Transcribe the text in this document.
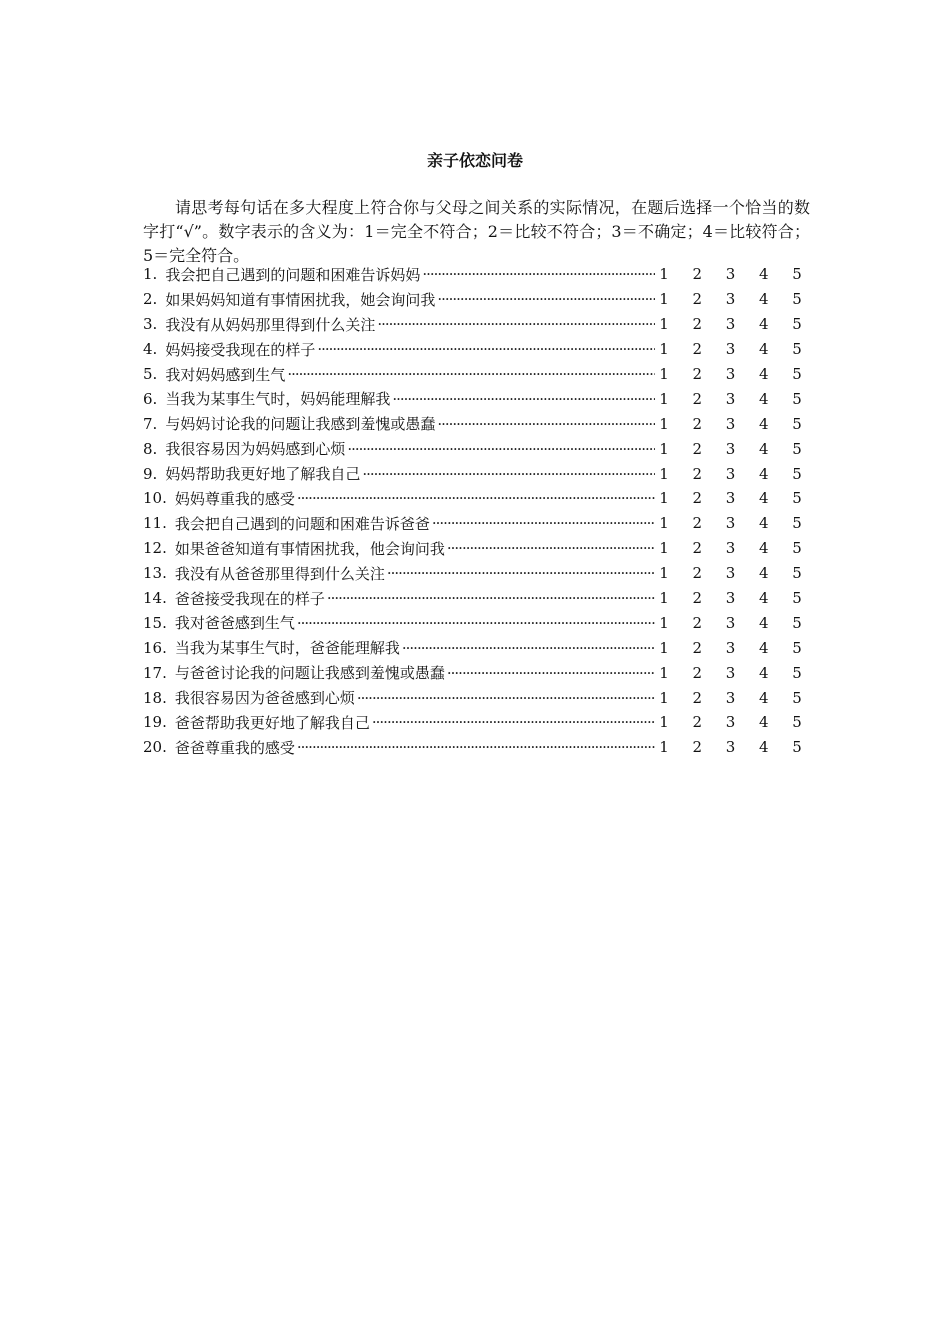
亲子依恋问卷

请思考每句话在多大程度上符合你与父母之间关系的实际情况，在题后选择一个恰当的数字打“√”。数字表示的含义为：1＝完全不符合；2＝比较不符合；3＝不确定；4＝比较符合；5＝完全符合。

1. 我会把自己遇到的问题和困难告诉妈妈 ·····	1 2 3 4 5
2. 如果妈妈知道有事情困扰我，她会询问我 ·····	1 2 3 4 5
3. 我没有从妈妈那里得到什么关注 ·····	1 2 3 4 5
4. 妈妈接受我现在的样子 ·····	1 2 3 4 5
5. 我对妈妈感到生气 ·····	1 2 3 4 5
6. 当我为某事生气时，妈妈能理解我 ·····	1 2 3 4 5
7. 与妈妈讨论我的问题让我感到羞愧或愚蠢 ·····	1 2 3 4 5
8. 我很容易因为妈妈感到心烦 ·····	1 2 3 4 5
9. 妈妈帮助我更好地了解我自己 ·····	1 2 3 4 5
10. 妈妈尊重我的感受 ·····	1 2 3 4 5
11. 我会把自己遇到的问题和困难告诉爸爸 ·····	1 2 3 4 5
12. 如果爸爸知道有事情困扰我，他会询问我 ·····	1 2 3 4 5
13. 我没有从爸爸那里得到什么关注 ·····	1 2 3 4 5
14. 爸爸接受我现在的样子 ·····	1 2 3 4 5
15. 我对爸爸感到生气 ·····	1 2 3 4 5
16. 当我为某事生气时，爸爸能理解我 ·····	1 2 3 4 5
17. 与爸爸讨论我的问题让我感到羞愧或愚蠢 ·····	1 2 3 4 5
18. 我很容易因为爸爸感到心烦 ·····	1 2 3 4 5
19. 爸爸帮助我更好地了解我自己 ·····	1 2 3 4 5
20. 爸爸尊重我的感受 ·····	1 2 3 4 5
